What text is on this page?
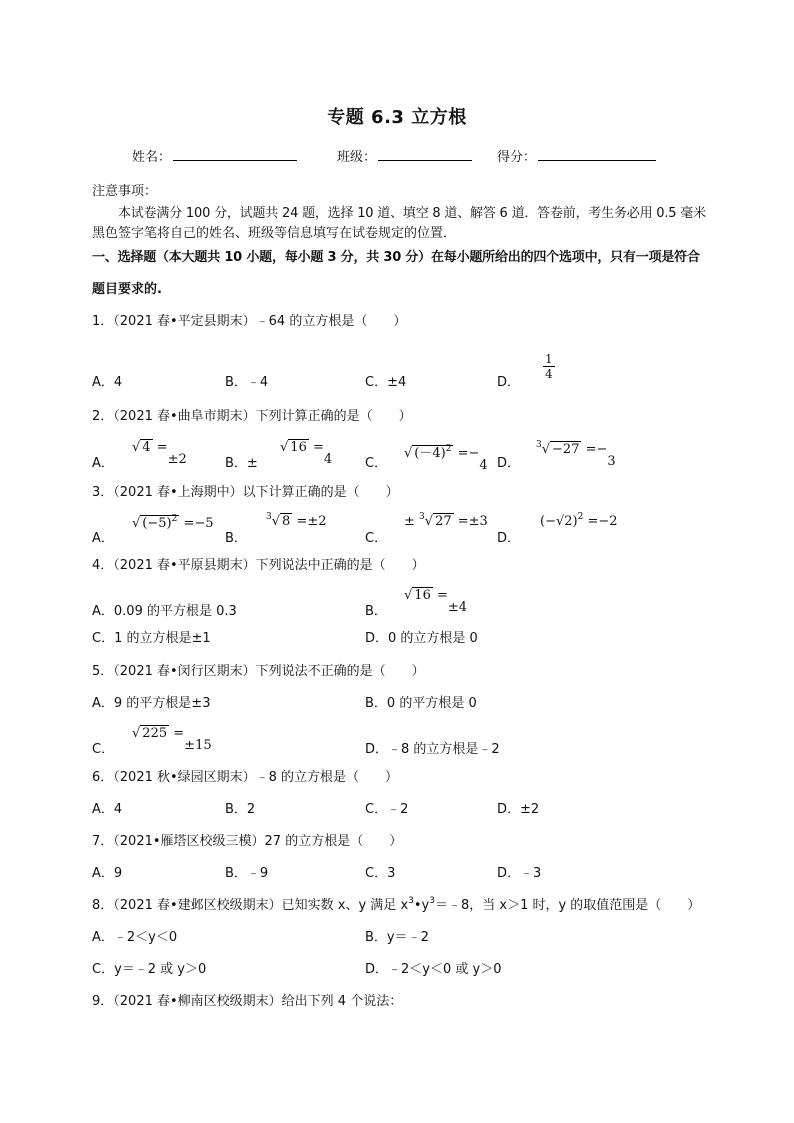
专题 6.3 立方根
姓名：	班级：	得分：
注意事项：
本试卷满分 100 分，试题共 24 题，选择 10 道、填空 8 道、解答 6 道．答卷前，考生务必用 0.5 毫米
黑色签字笔将自己的姓名、班级等信息填写在试卷规定的位置．
一、选择题（本大题共 10 小题，每小题 3 分，共 30 分）在每小题所给出的四个选项中，只有一项是符合
题目要求的.
1．（2021 春•平定县期末）﹣64 的立方根是（　　）
A．4	B．﹣4	C．±4	D．
$\frac{1}{4}$
2．（2021 春•曲阜市期末）下列计算正确的是（　　）
A．
√ 4 =±2	B．±
√ 16 =4	C．
√ $(-4)^2 =-4$ D．
$^3$√ −27 =−3
3．（2021 春•上海期中）以下计算正确的是（　　）
A．
√ $(-5)^2 =-5$
B．
$^3$√ 8 =±2
C．
± $^3$√ 27 =±3
D．
$(-√2)^2 =-2$
4．（2021 春•平原县期末）下列说法中正确的是（　　）
A．0.09 的平方根是 0.3	B．
√ 16 =±4
C．1 的立方根是±1	D．0 的立方根是 0
5．（2021 春•闵行区期末）下列说法不正确的是（　　）
A．9 的平方根是±3	B．0 的平方根是 0
C．
√ 225 =±15	D．﹣8 的立方根是﹣2
6．（2021 秋•绿园区期末）﹣8 的立方根是（　　）
A．4	B．2	C．﹣2	D．±2
7．（2021•雁塔区校级三模）27 的立方根是（　　）
A．9	B．﹣9	C．3	D．﹣3
8．（2021 春•建邺区校级期末）已知实数 x、y 满足 $x^3•y^3=﹣8$，当 x＞1 时，y 的取值范围是（　　）
A．﹣2＜y＜0	B．y＝﹣2
C．y＝﹣2 或 y＞0	D．﹣2＜y＜0 或 y＞0
9．（2021 春•柳南区校级期末）给出下列 4 个说法：
